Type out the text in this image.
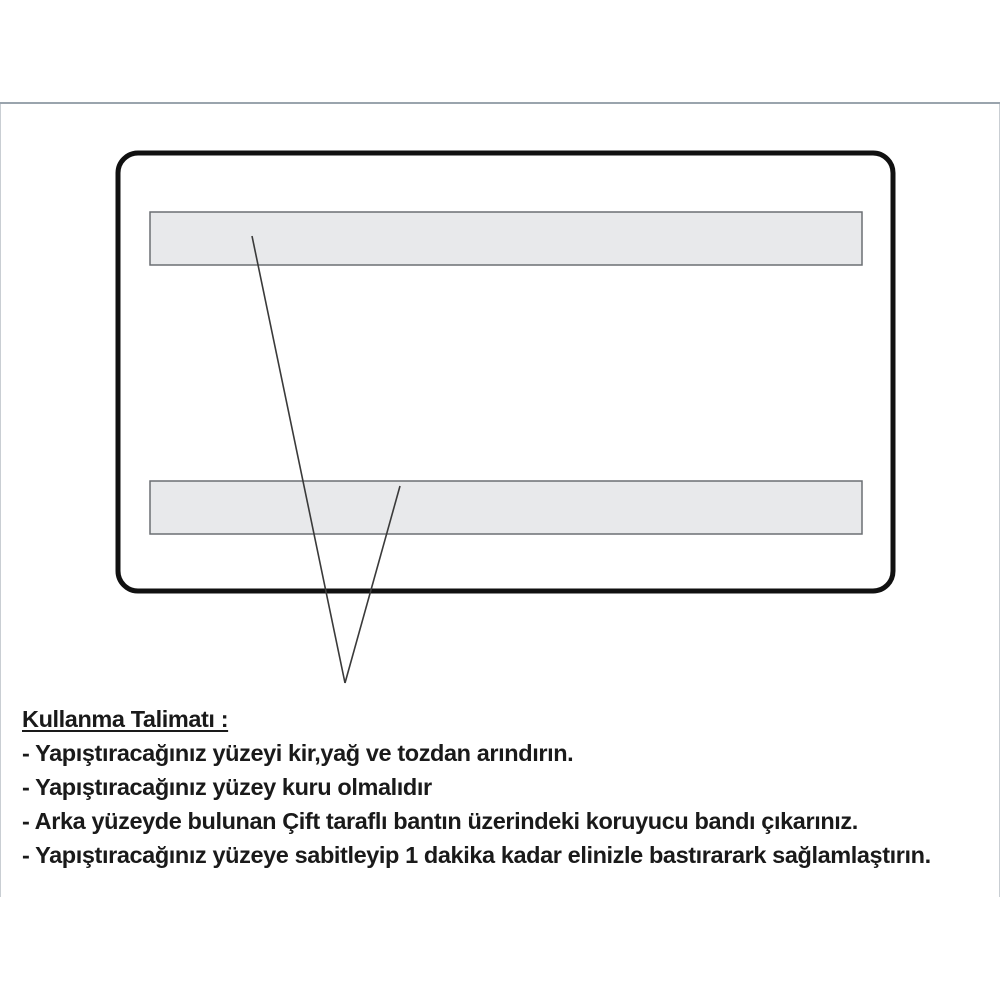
Kullanma Talimatı :
- Yapıştıracağınız yüzeyi kir,yağ ve tozdan arındırın.
- Yapıştıracağınız yüzey kuru olmalıdır
- Arka yüzeyde bulunan Çift taraflı bantın üzerindeki koruyucu bandı çıkarınız.
- Yapıştıracağınız yüzeye sabitleyip 1 dakika kadar elinizle bastırarark sağlamlaştırın.
